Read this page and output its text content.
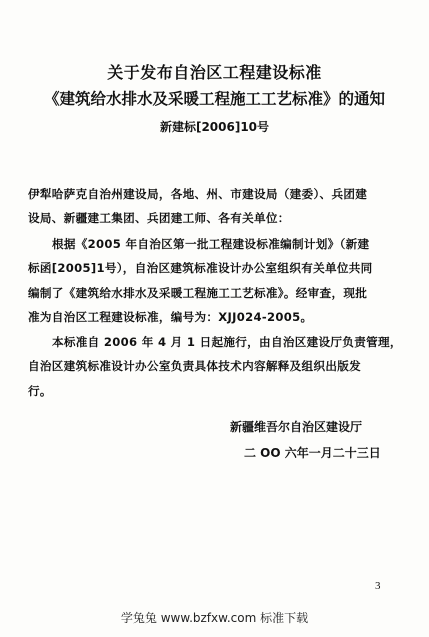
关于发布自治区工程建设标准
《建筑给水排水及采暖工程施工工艺标准》的通知
新建标[2006]10号
伊犁哈萨克自治州建设局，各地、州、市建设局（建委）、兵团建
设局、新疆建工集团、兵团建工师、各有关单位：
根据《2005 年自治区第一批工程建设标准编制计划》（新建
标函[2005]1号），自治区建筑标准设计办公室组织有关单位共同
编制了《建筑给水排水及采暖工程施工工艺标准》。经审查，现批
准为自治区工程建设标准，编号为：XJJ024-2005。
本标准自 2006 年 4 月 1 日起施行，由自治区建设厅负责管理，
自治区建筑标准设计办公室负责具体技术内容解释及组织出版发
行。
新疆维吾尔自治区建设厅
二 OO 六年一月二十三日
3
学兔兔 www.bzfxw.com 标准下载
